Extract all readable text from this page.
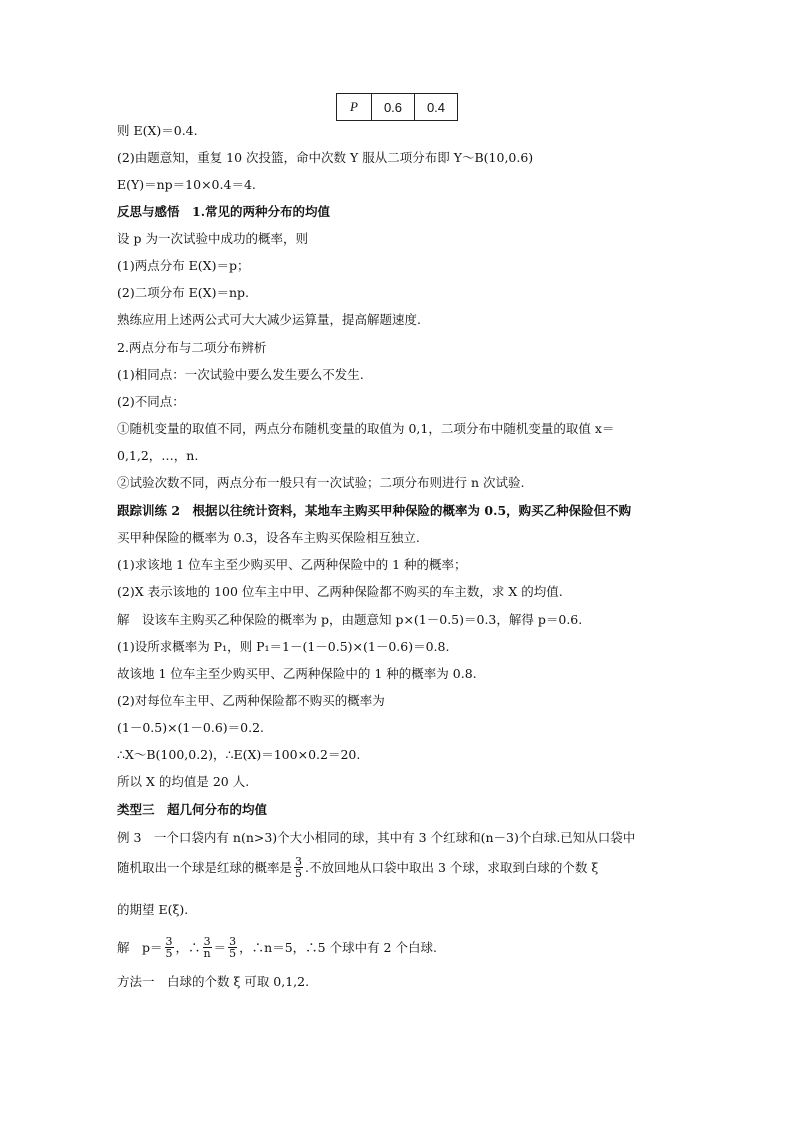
P	0.6	0.4
则 E(X)＝0.4.
(2)由题意知，重复 10 次投篮，命中次数 Y 服从二项分布即 Y～B(10,0.6)
E(Y)＝np＝10×0.4＝4.
反思与感悟　1.常见的两种分布的均值
设 p 为一次试验中成功的概率，则
(1)两点分布 E(X)＝p；
(2)二项分布 E(X)＝np.
熟练应用上述两公式可大大减少运算量，提高解题速度.
2.两点分布与二项分布辨析
(1)相同点：一次试验中要么发生要么不发生.
(2)不同点：
①随机变量的取值不同，两点分布随机变量的取值为 0,1，二项分布中随机变量的取值 x＝
0,1,2，…，n.
②试验次数不同，两点分布一般只有一次试验；二项分布则进行 n 次试验.
跟踪训练 2　根据以往统计资料，某地车主购买甲种保险的概率为 0.5，购买乙种保险但不购
买甲种保险的概率为 0.3，设各车主购买保险相互独立.
(1)求该地 1 位车主至少购买甲、乙两种保险中的 1 种的概率；
(2)X 表示该地的 100 位车主中甲、乙两种保险都不购买的车主数，求 X 的均值.
解　设该车主购买乙种保险的概率为 p，由题意知 p×(1－0.5)＝0.3，解得 p＝0.6.
(1)设所求概率为 P₁，则 P₁＝1－(1－0.5)×(1－0.6)＝0.8.
故该地 1 位车主至少购买甲、乙两种保险中的 1 种的概率为 0.8.
(2)对每位车主甲、乙两种保险都不购买的概率为
(1－0.5)×(1－0.6)＝0.2.
∴X～B(100,0.2)，∴E(X)＝100×0.2＝20.
所以 X 的均值是 20 人.
类型三　超几何分布的均值
例 3　一个口袋内有 n(n>3)个大小相同的球，其中有 3 个红球和(n－3)个白球.已知从口袋中
随机取出一个球是红球的概率是 $\frac{3}{5}$ .不放回地从口袋中取出 3 个球，求取到白球的个数 ξ
的期望 E(ξ).
解　$p= \frac{3}{5}$ ，∴ $\frac{3}{n} = \frac{3}{5}$ ，∴n＝5，∴5 个球中有 2 个白球.
方法一　白球的个数 ξ 可取 0,1,2.
